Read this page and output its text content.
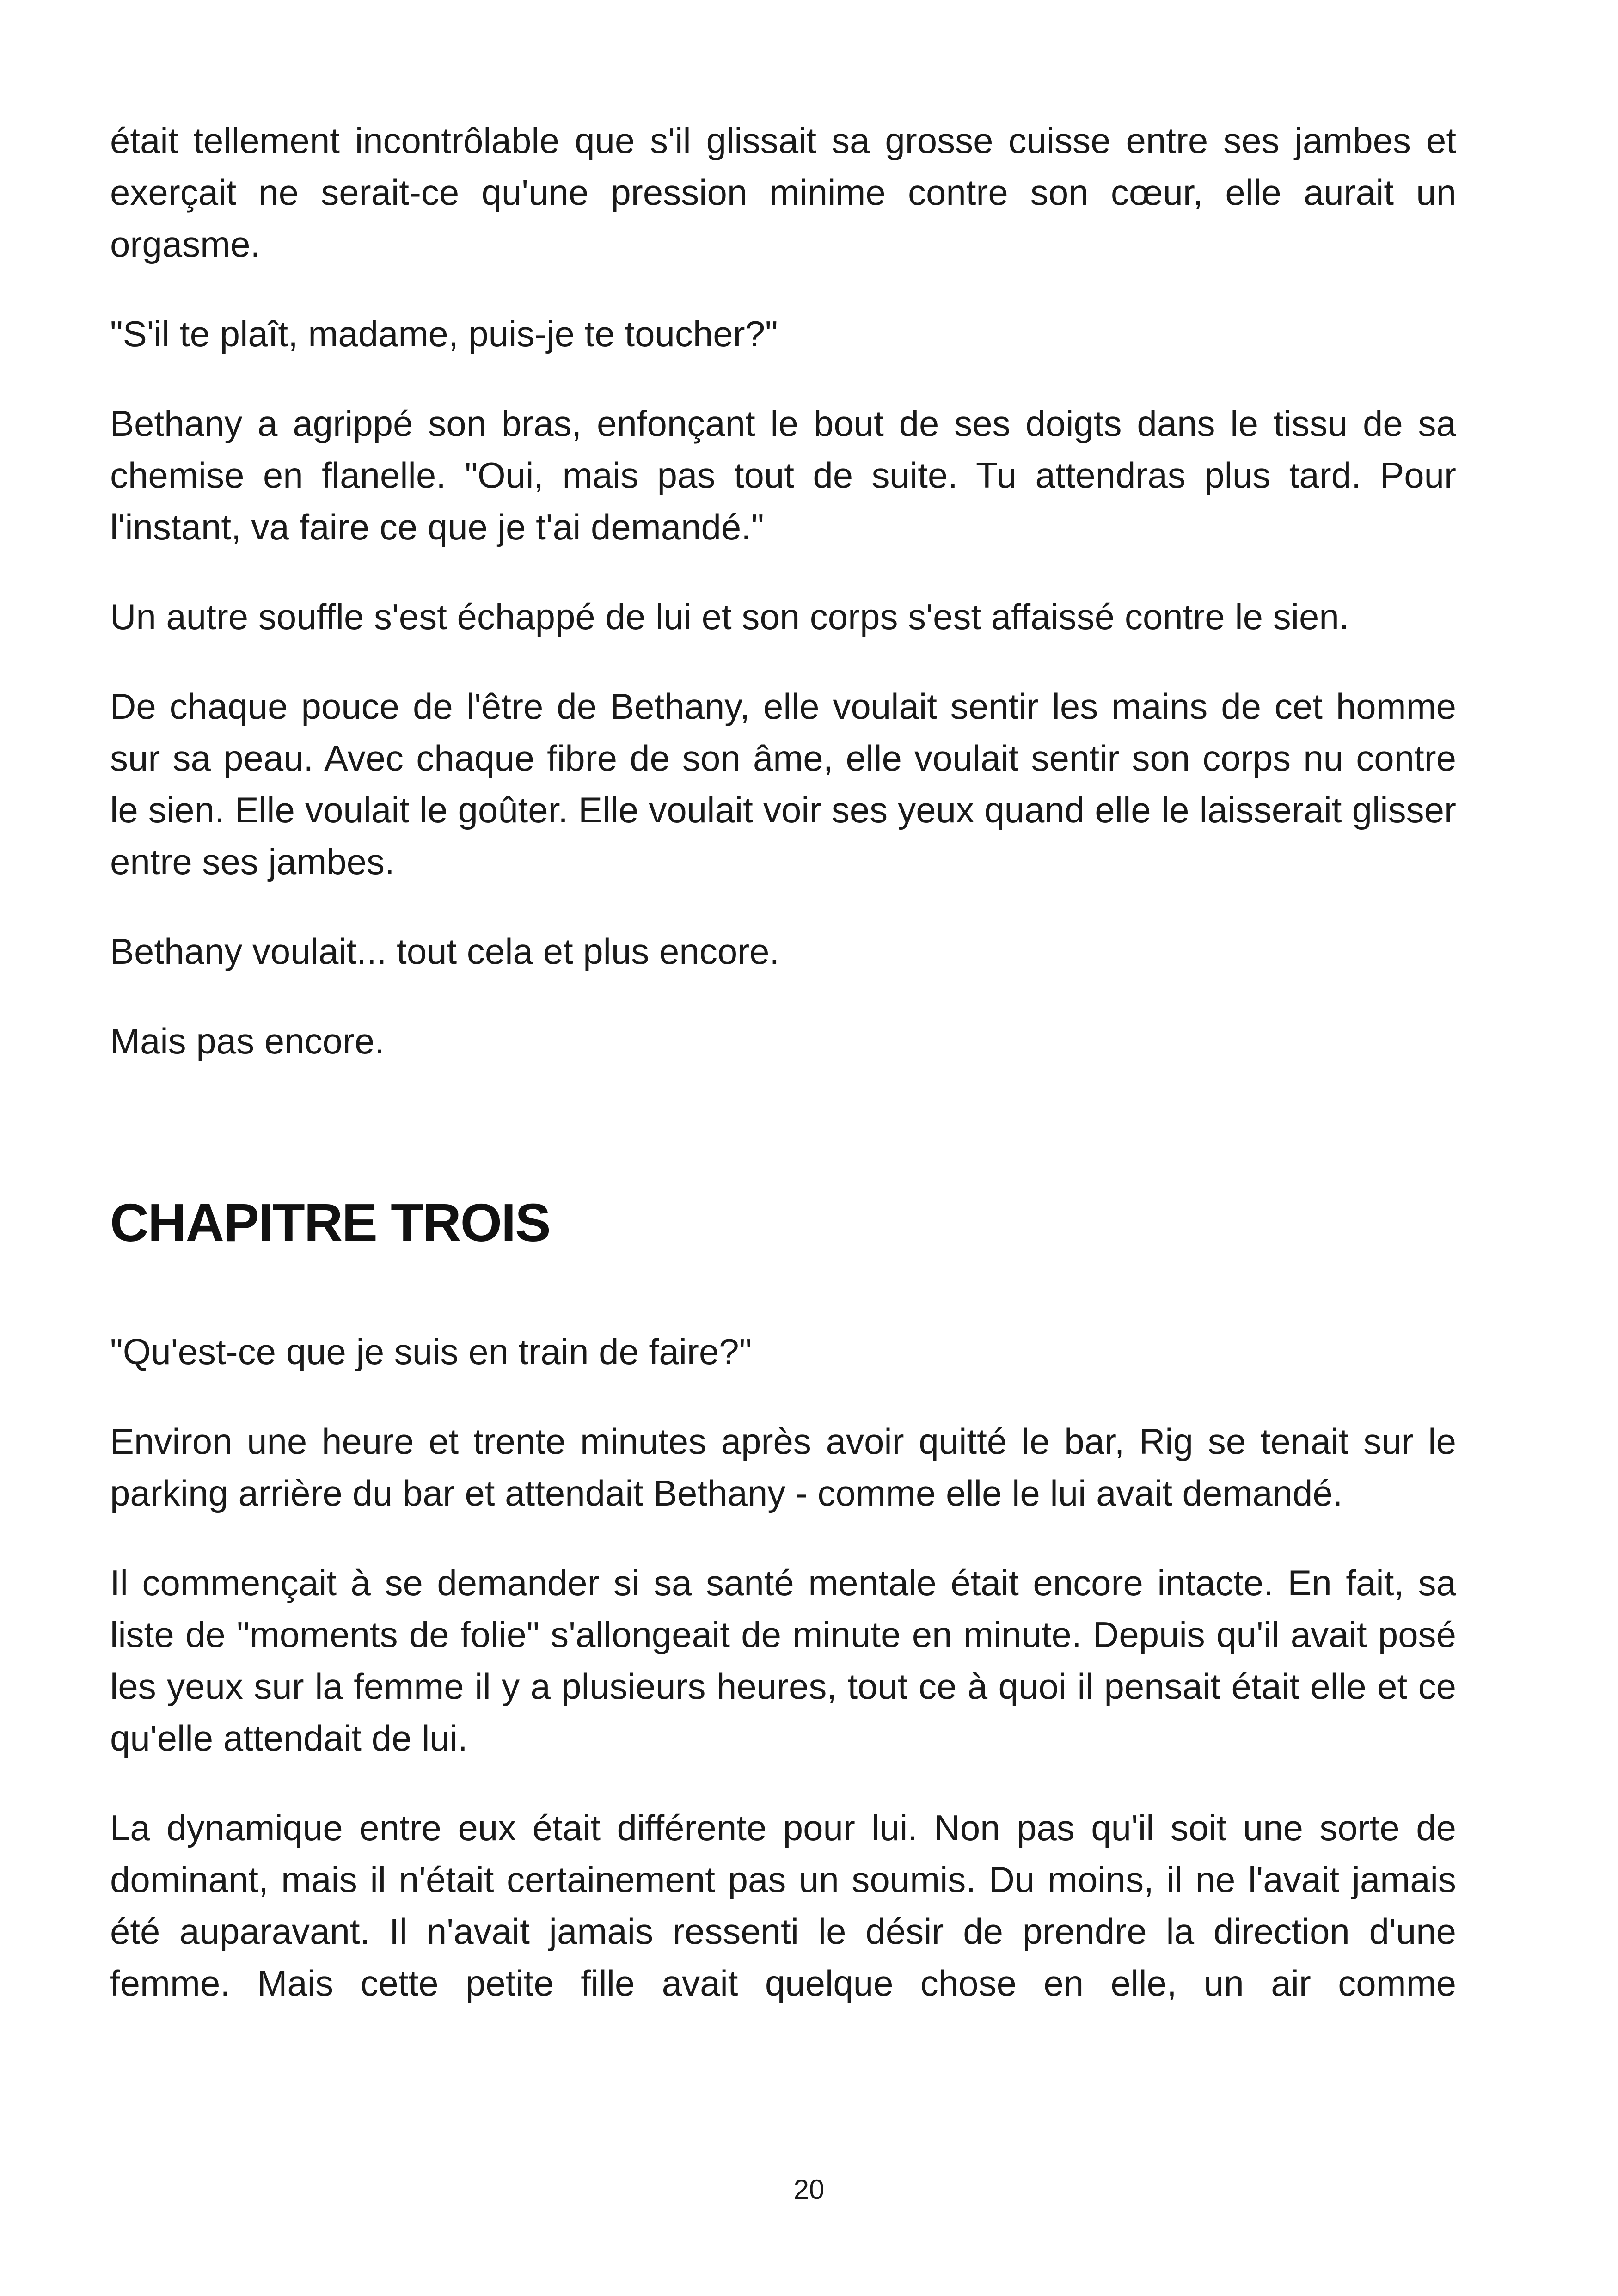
était tellement incontrôlable que s'il glissait sa grosse cuisse entre ses jambes et exerçait ne serait-ce qu'une pression minime contre son cœur, elle aurait un orgasme.

"S'il te plaît, madame, puis-je te toucher?"

Bethany a agrippé son bras, enfonçant le bout de ses doigts dans le tissu de sa chemise en flanelle. "Oui, mais pas tout de suite. Tu attendras plus tard. Pour l'instant, va faire ce que je t'ai demandé."

Un autre souffle s'est échappé de lui et son corps s'est affaissé contre le sien.

De chaque pouce de l'être de Bethany, elle voulait sentir les mains de cet homme sur sa peau. Avec chaque fibre de son âme, elle voulait sentir son corps nu contre le sien. Elle voulait le goûter. Elle voulait voir ses yeux quand elle le laisserait glisser entre ses jambes.

Bethany voulait... tout cela et plus encore.

Mais pas encore.

CHAPITRE TROIS

"Qu'est-ce que je suis en train de faire?"

Environ une heure et trente minutes après avoir quitté le bar, Rig se tenait sur le parking arrière du bar et attendait Bethany - comme elle le lui avait demandé.

Il commençait à se demander si sa santé mentale était encore intacte. En fait, sa liste de "moments de folie" s'allongeait de minute en minute. Depuis qu'il avait posé les yeux sur la femme il y a plusieurs heures, tout ce à quoi il pensait était elle et ce qu'elle attendait de lui.

La dynamique entre eux était différente pour lui. Non pas qu'il soit une sorte de dominant, mais il n'était certainement pas un soumis. Du moins, il ne l'avait jamais été auparavant. Il n'avait jamais ressenti le désir de prendre la direction d'une femme. Mais cette petite fille avait quelque chose en elle, un air comme

20
